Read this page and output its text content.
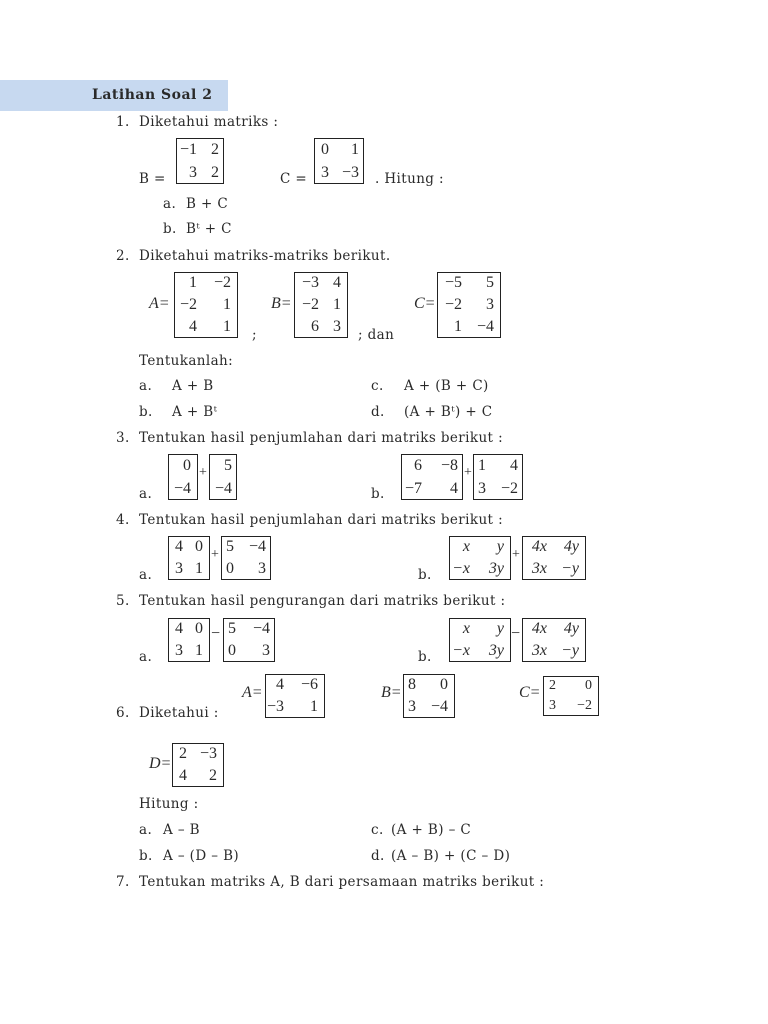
Latihan Soal 2
1. Diketahui matriks :
B =
−1 2
3 2	C =
0 1
3 −3 . Hitung :
a. B + C
b. Bᵗ + C
2. Diketahui matriks-matriks berikut.
A=
1 −2
−2 1
4 1 ;
B=
−3 4
−2 1
6 3 ; dan
C=
−5 5
−2 3
1 −4
Tentukanlah:
a. A + B	c. A + (B + C)
b. A + Bᵗ	d. (A + Bᵗ) + C
3. Tentukan hasil penjumlahan dari matriks berikut :
a.
0
−4
+ 5
−4	b.
6 −8
−7 4
+ 1 4
3 −2
4. Tentukan hasil penjumlahan dari matriks berikut :
a.
4 0
3 1
+ 5 −4
0 3	b.
x y
−x 3y
+ 4x 4y
3x −y
5. Tentukan hasil pengurangan dari matriks berikut :
a.
4 0
3 1
− 5 −4
0 3	b.
x y
−x 3y
− 4x 4y
3x −y
6. Diketahui :
A= 4 −6
−3 1
B= 8 0
3 −4
C= 2 0
3 −2
D=
2 −3
4 2
Hitung :
a. A – B	c. (A + B) – C
b. A – (D – B)	d. (A – B) + (C – D)
7. Tentukan matriks A, B dari persamaan matriks berikut :
